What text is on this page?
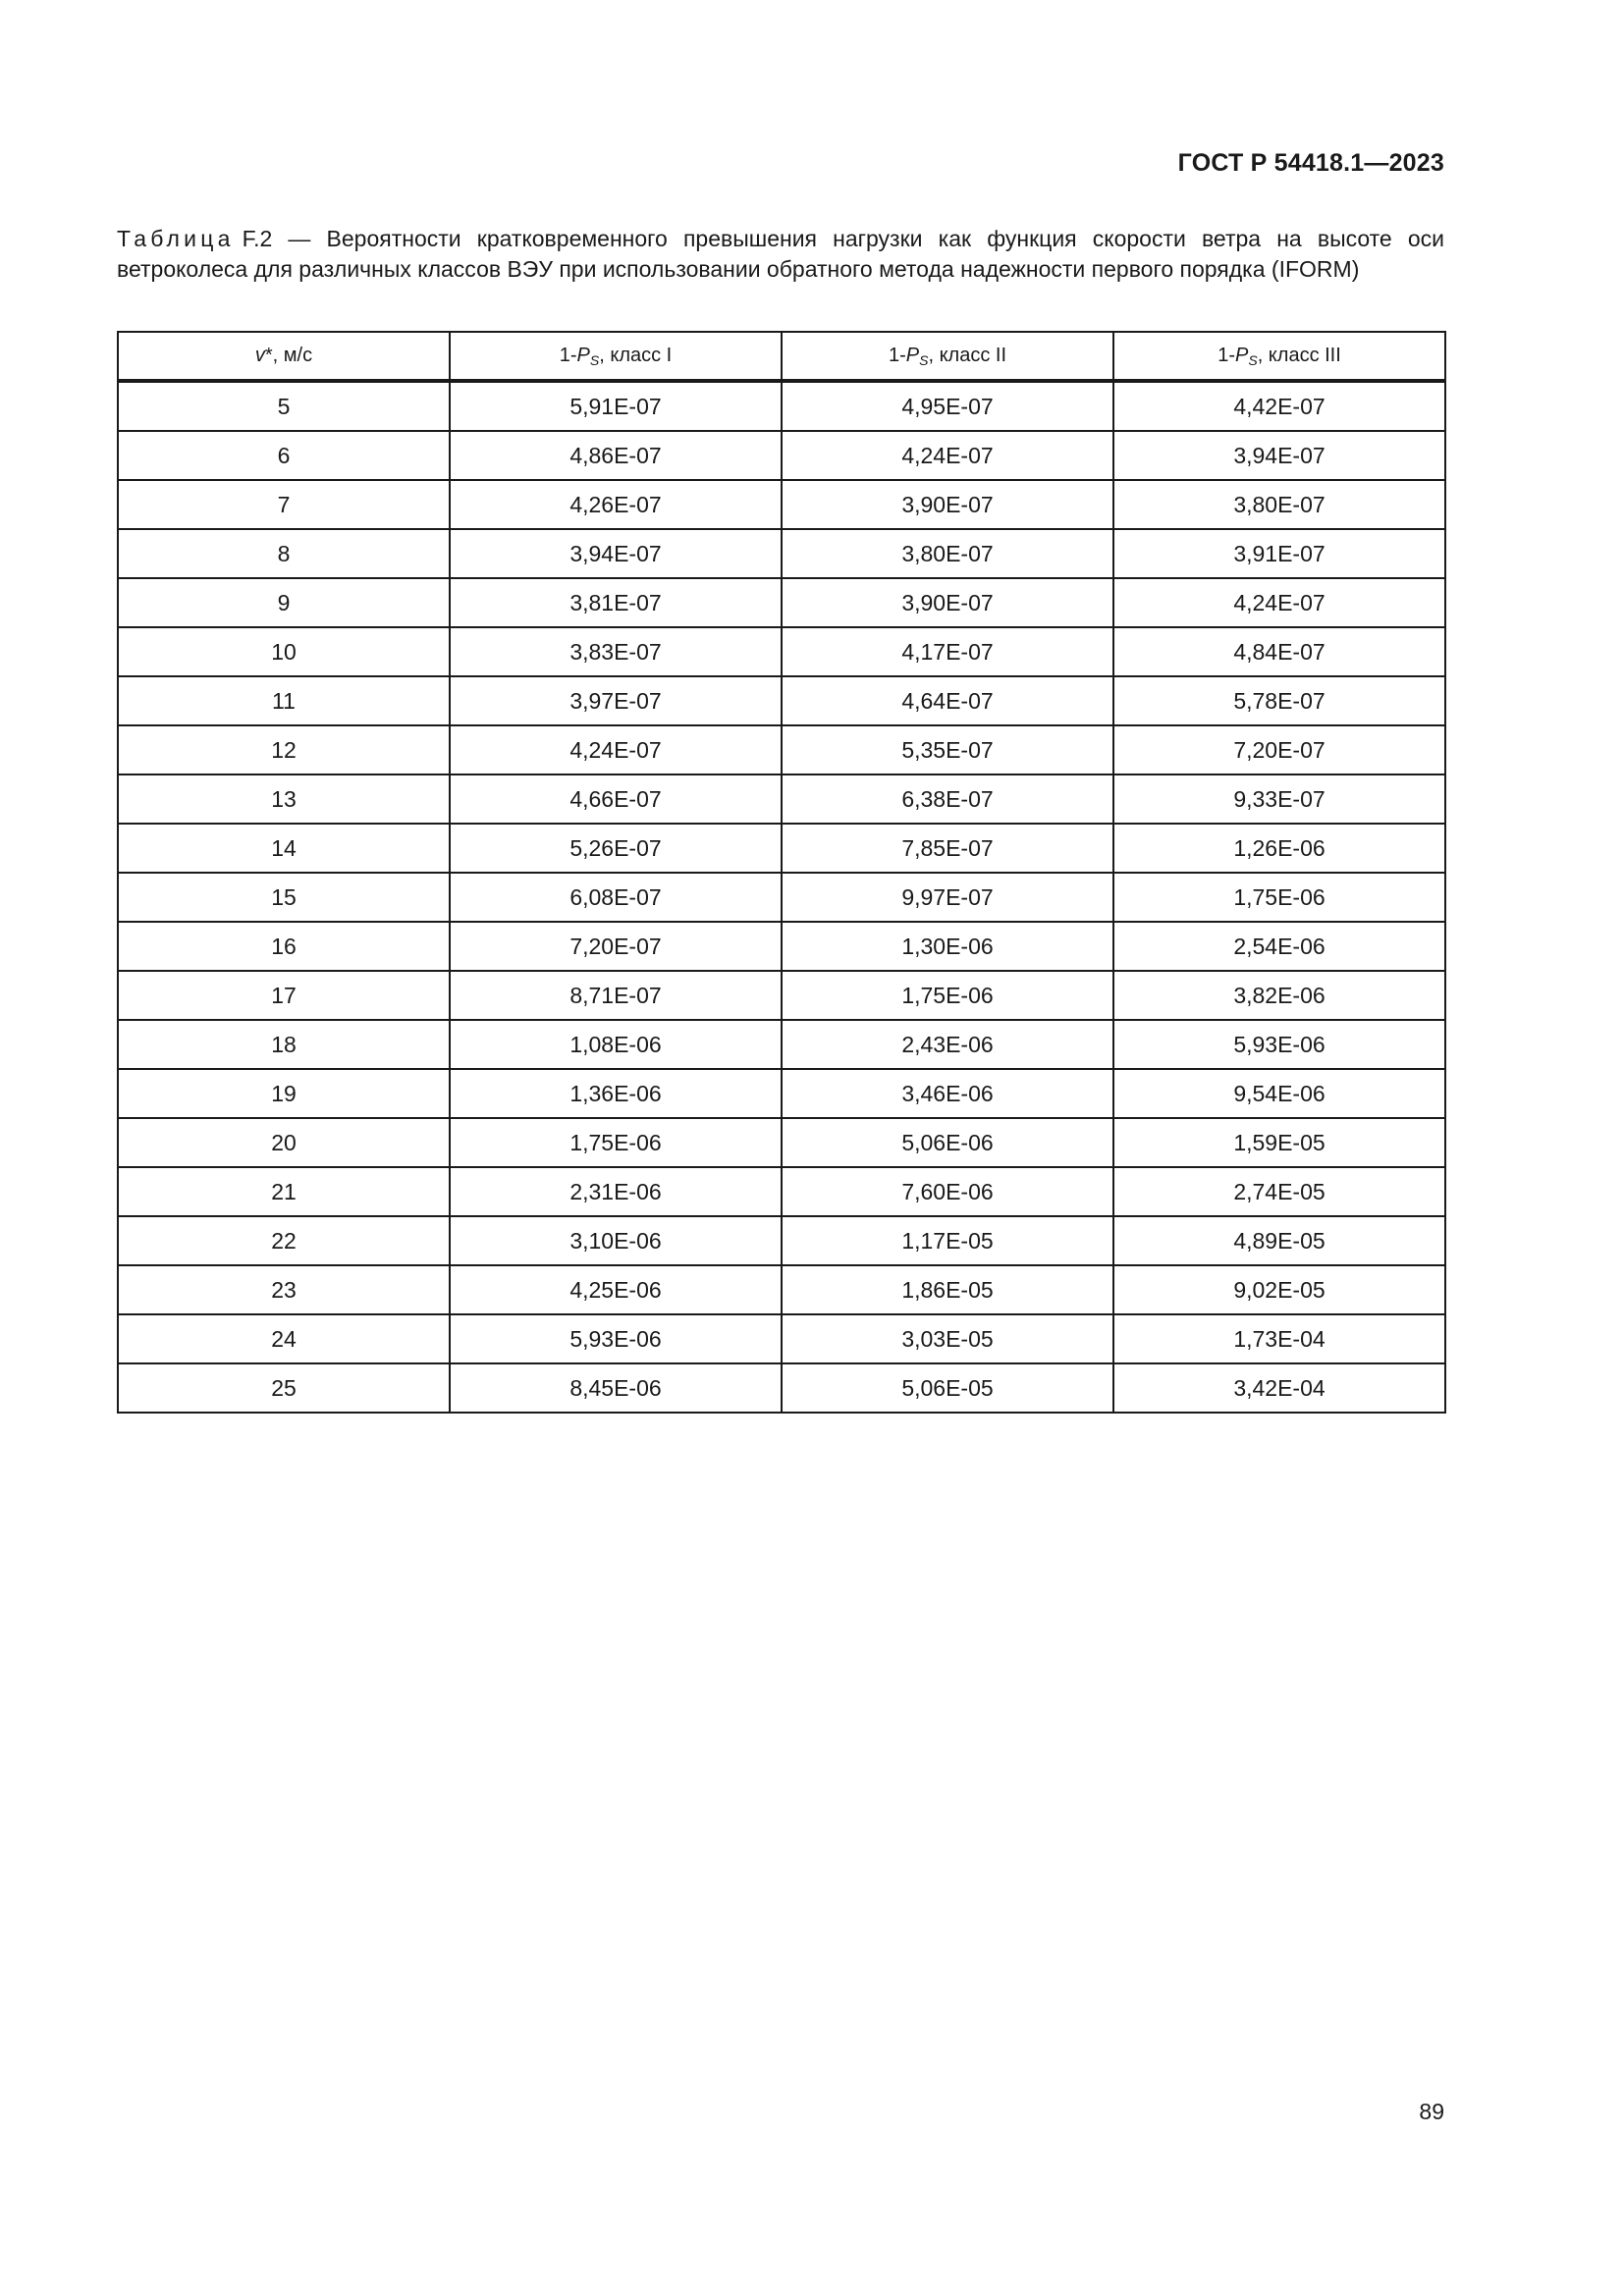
ГОСТ Р 54418.1—2023
Таблица F.2 — Вероятности кратковременного превышения нагрузки как функция скорости ветра на высоте оси ветроколеса для различных классов ВЭУ при использовании обратного метода надежности первого порядка (IFORM)
v*, м/с	$1-P_S$, класс I	$1-P_S$, класс II	$1-P_S$, класс III
5	5,91E-07	4,95E-07	4,42E-07
6	4,86E-07	4,24E-07	3,94E-07
7	4,26E-07	3,90E-07	3,80E-07
8	3,94E-07	3,80E-07	3,91E-07
9	3,81E-07	3,90E-07	4,24E-07
10	3,83E-07	4,17E-07	4,84E-07
11	3,97E-07	4,64E-07	5,78E-07
12	4,24E-07	5,35E-07	7,20E-07
13	4,66E-07	6,38E-07	9,33E-07
14	5,26E-07	7,85E-07	1,26E-06
15	6,08E-07	9,97E-07	1,75E-06
16	7,20E-07	1,30E-06	2,54E-06
17	8,71E-07	1,75E-06	3,82E-06
18	1,08E-06	2,43E-06	5,93E-06
19	1,36E-06	3,46E-06	9,54E-06
20	1,75E-06	5,06E-06	1,59E-05
21	2,31E-06	7,60E-06	2,74E-05
22	3,10E-06	1,17E-05	4,89E-05
23	4,25E-06	1,86E-05	9,02E-05
24	5,93E-06	3,03E-05	1,73E-04
25	8,45E-06	5,06E-05	3,42E-04
89
